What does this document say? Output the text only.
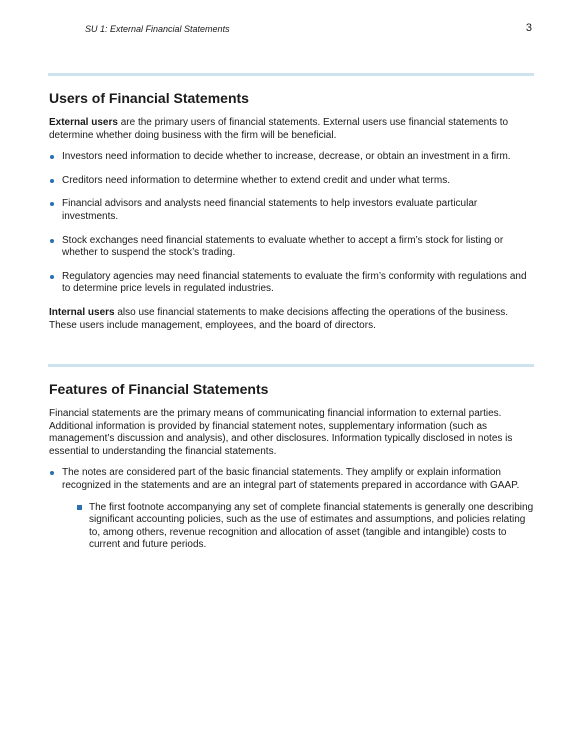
SU 1: External Financial Statements	3
Users of Financial Statements

External users are the primary users of financial statements. External users use financial statements to determine whether doing business with the firm will be beneficial.

Investors need information to decide whether to increase, decrease, or obtain an investment in a firm.
Creditors need information to determine whether to extend credit and under what terms.
Financial advisors and analysts need financial statements to help investors evaluate particular investments.
Stock exchanges need financial statements to evaluate whether to accept a firm’s stock for listing or whether to suspend the stock’s trading.
Regulatory agencies may need financial statements to evaluate the firm’s conformity with regulations and to determine price levels in regulated industries.

Internal users also use financial statements to make decisions affecting the operations of the business. These users include management, employees, and the board of directors.

Features of Financial Statements

Financial statements are the primary means of communicating financial information to external parties. Additional information is provided by financial statement notes, supplementary information (such as management’s discussion and analysis), and other disclosures. Information typically disclosed in notes is essential to understanding the financial statements.

The notes are considered part of the basic financial statements. They amplify or explain information recognized in the statements and are an integral part of statements prepared in accordance with GAAP.
The first footnote accompanying any set of complete financial statements is generally one describing significant accounting policies, such as the use of estimates and assumptions, and policies relating to, among others, revenue recognition and allocation of asset (tangible and intangible) costs to current and future periods.
